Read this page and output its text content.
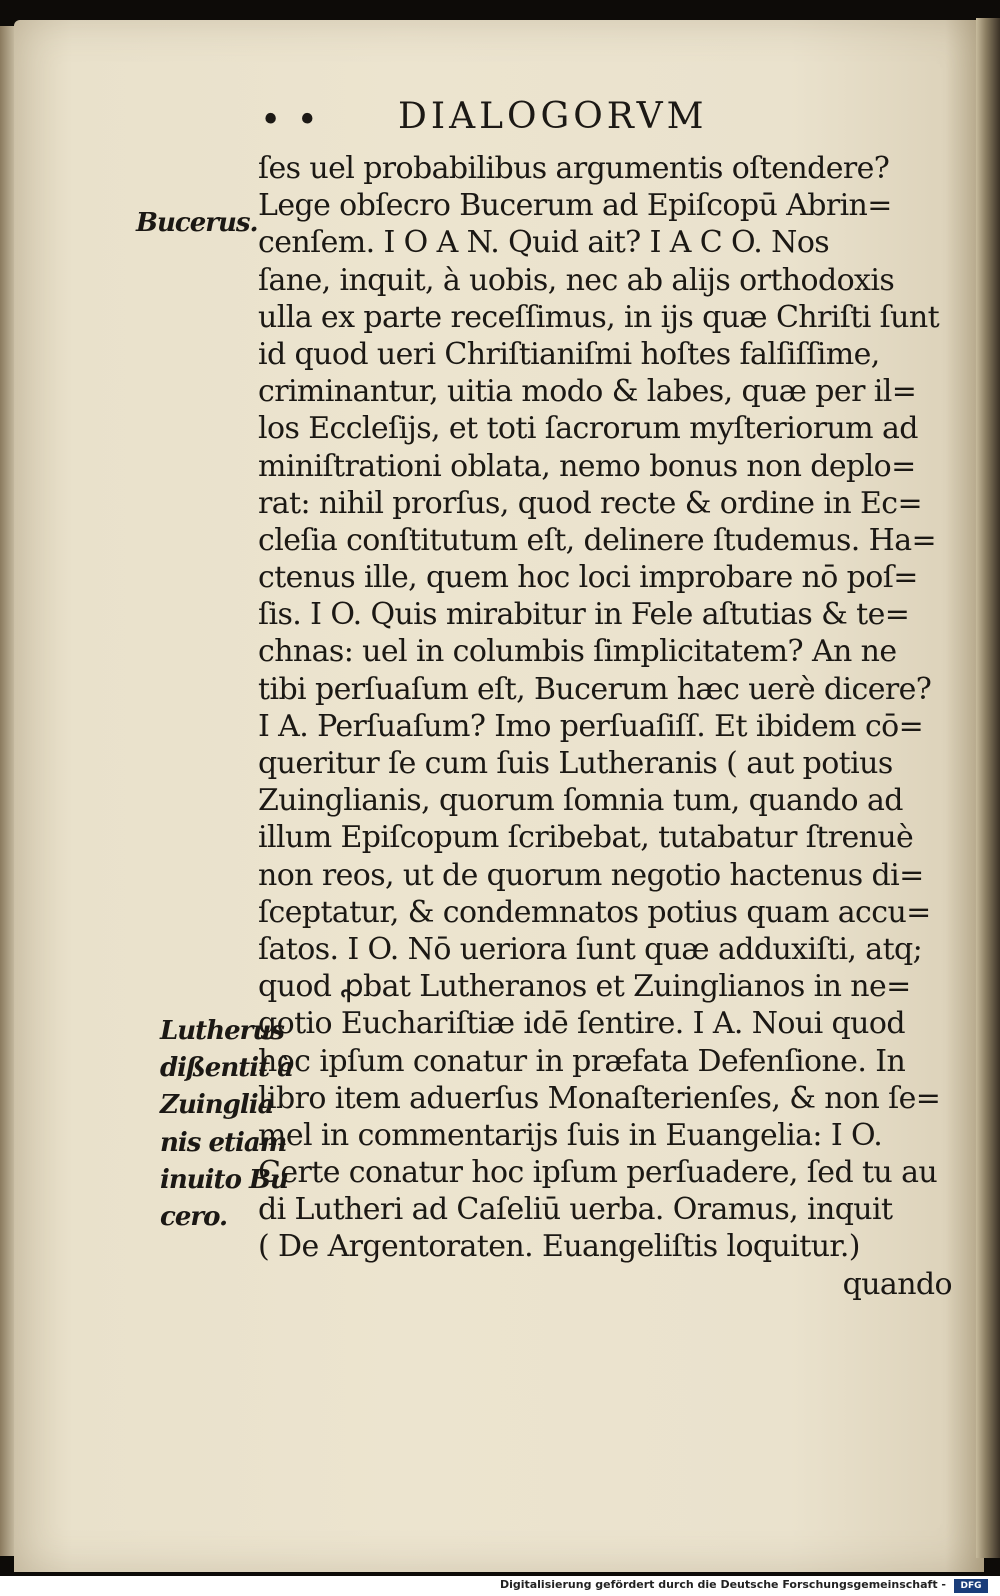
• • DIALOGORVM
Bucerus.
ſes uel probabilibus argumentis oſtendere?
Lege obſecro Bucerum ad Epiſcopū Abrin=
cenſem. I O A N. Quid ait? I A C O. Nos
ſane, inquit, à uobis, nec ab alijs orthodoxis
ulla ex parte receſſimus, in ijs quæ Chriſti ſunt
id quod ueri Chriſtianiſmi hoſtes falſiſſime,
criminantur, uitia modo & labes, quæ per il=
los Eccleſijs, et toti ſacrorum myſteriorum ad
miniſtrationi oblata, nemo bonus non deplo=
rat: nihil prorſus, quod recte & ordine in Ec=
cleſia conſtitutum eſt, delinere ſtudemus. Ha=
ctenus ille, quem hoc loci improbare nō poſ=
ſis. I O. Quis mirabitur in Fele aſtutias & te=
chnas: uel in columbis ſimplicitatem? An ne
tibi perſuaſum eſt, Bucerum hæc uerè dicere?
I A. Perſuaſum? Imo perſuaſiſſ. Et ibidem cō=
queritur ſe cum ſuis Lutheranis ( aut potius
Zuinglianis, quorum ſomnia tum, quando ad
illum Epiſcopum ſcribebat, tutabatur ſtrenuè
non reos, ut de quorum negotio hactenus di=
ſceptatur, & condemnatos potius quam accu=
ſatos. I O. Nō ueriora ſunt quæ adduxiſti, atq;
quod ꝓbat Lutheranos et Zuinglianos in ne=
gotio Euchariſtiæ idē ſentire. I A. Noui quod
hoc ipſum conatur in præfata Defenſione. In
libro item aduerſus Monaſterienſes, & non ſe=
mel in commentarijs ſuis in Euangelia: I O.
Certe conatur hoc ipſum perſuadere, ſed tu au
di Lutheri ad Caſeliū uerba. Oramus, inquit
( De Argentoraten. Euangeliſtis loquitur.)
quando
Lutherus
dißentit à
Zuinglia
nis etiam
inuito Bu
cero.
Digitalisierung gefördert durch die Deutsche Forschungsgemeinschaft -	DFG
